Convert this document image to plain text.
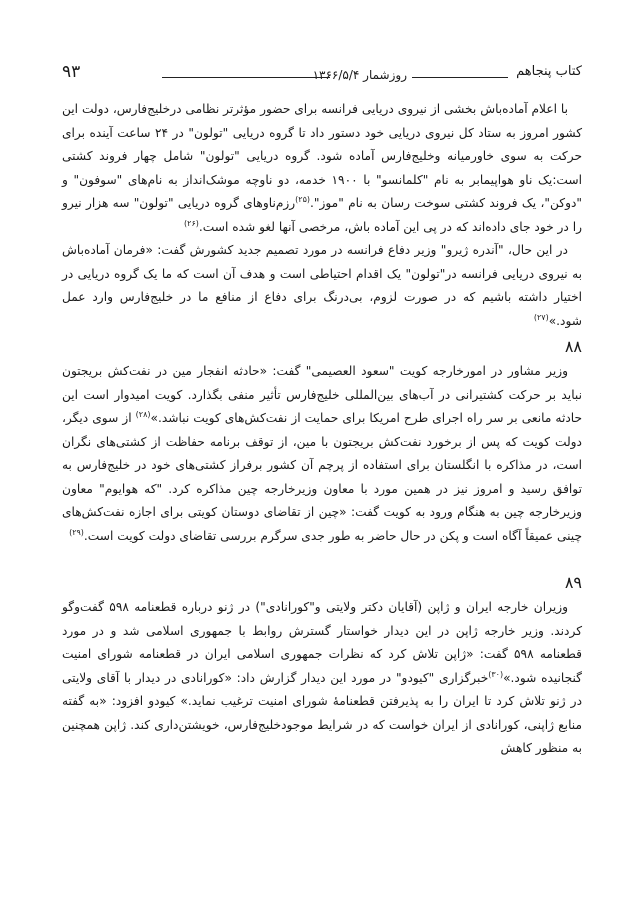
کتاب پنجاهم
روزشمار ۱۳۶۶/۵/۴
۹۳

با اعلام آماده‌باش بخشی از نیروی دریایی فرانسه برای حضور مؤثرتر نظامی درخلیج‌فارس، دولت این کشور امروز به ستاد کل نیروی دریایی خود دستور داد تا گروه دریایی "تولون" در ۲۴ ساعت آینده برای حرکت به سوی خاورمیانه وخلیج‌فارس آماده شود. گروه دریایی "تولون" شامل چهار فروند کشتی است:یک ناو هواپیمابر به نام "کلمانسو" با ۱۹۰۰ خدمه، دو ناوچه موشک‌انداز به نام‌های "سوفون" و "دوکن"، یک فروند کشتی سوخت رسان به نام "موز".$^{(۲۵)}$رزم‌ناوهای گروه دریایی "تولون" سه هزار نیرو را در خود جای داده‌اند که در پی این آماده باش، مرخصی آنها لغو شده است.$^{(۲۶)}$

در این حال، "آندره ژیرو" وزیر دفاع فرانسه در مورد تصمیم جدید کشورش گفت: «فرمان آماده‌باش به نیروی دریایی فرانسه در"تولون" یک اقدام احتیاطی است و هدف آن است که ما یک گروه دریایی در اختیار داشته باشیم که در صورت لزوم، بی‌درنگ برای دفاع از منافع ما در خلیج‌فارس وارد عمل شود.»$^{(۲۷)}$

۸۸

وزیر مشاور در امورخارجه کویت "سعود العصیمی" گفت: «حادثه انفجار مین در نفت‌کش بریجتون نباید بر حرکت کشتیرانی در آب‌های بین‌المللی خلیج‌فارس تأثیر منفی بگذارد. کویت امیدوار است این حادثه مانعی بر سر راه اجرای طرح امریکا برای حمایت از نفت‌کش‌های کویت نباشد.»$^{(۲۸)}$ از سوی دیگر، دولت کویت که پس از برخورد نفت‌کش بریجتون با مین، از توقف برنامه حفاظت از کشتی‌های نگران است، در مذاکره با انگلستان برای استفاده از پرچم آن کشور برفراز کشتی‌های خود در خلیج‌فارس به توافق رسید و امروز نیز در همین مورد با معاون وزیرخارجه چین مذاکره کرد. "که هوایوم" معاون وزیرخارجه چین به هنگام ورود به کویت گفت: «چین از تقاضای دوستان کویتی برای اجازه نفت‌کش‌های چینی عمیقاً آگاه است و پکن در حال حاضر به طور جدی سرگرم بررسی تقاضای دولت کویت است.$^{(۲۹)}$

۸۹

وزیران خارجه ایران و ژاپن (آقایان دکتر ولایتی و"کورانادی") در ژنو درباره قطعنامه ۵۹۸ گفت‌وگو کردند. وزیر خارجه ژاپن در این دیدار خواستار گسترش روابط با جمهوری اسلامی شد و در مورد قطعنامه ۵۹۸ گفت: «ژاپن تلاش کرد که نظرات جمهوری اسلامی ایران در قطعنامه شورای امنیت گنجانیده شود.»$^{(۳۰)}$خبرگزاری "کیودو" در مورد این دیدار گزارش داد: «کورانادی در دیدار با آقای ولایتی در ژنو تلاش کرد تا ایران را به پذیرفتن قطعنامهٔ شورای امنیت ترغیب نماید.» کیودو افزود: «به گفته منابع ژاپنی، کورانادی از ایران خواست که در شرایط موجودخلیج‌فارس، خویشتن‌داری کند. ژاپن همچنین به منظور کاهش
